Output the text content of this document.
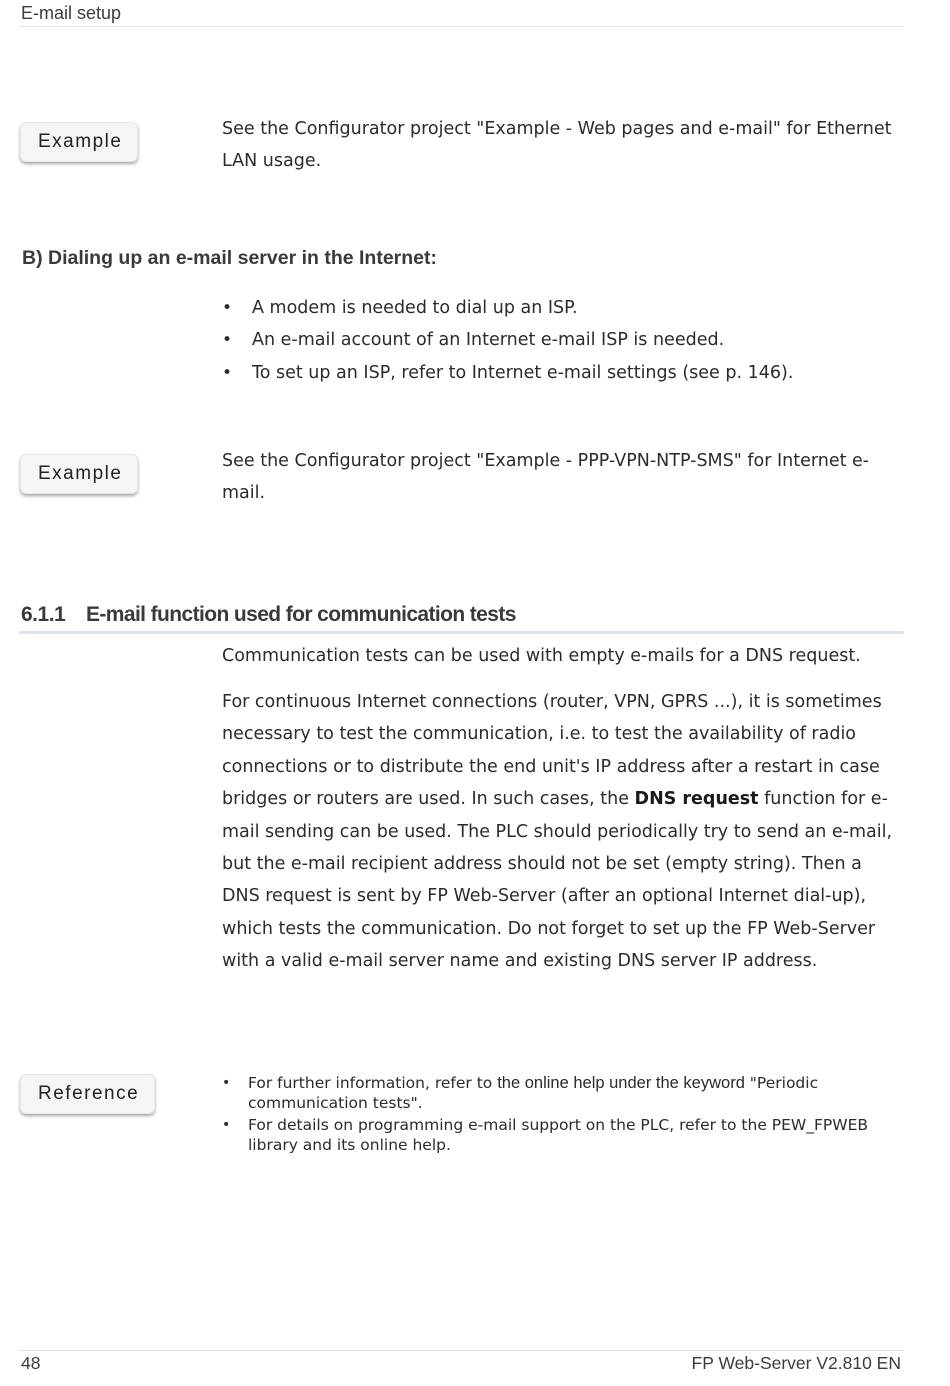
E-mail setup
Example

See the Configurator project "Example - Web pages and e-mail" for Ethernet LAN usage.

B) Dialing up an e-mail server in the Internet:
• A modem is needed to dial up an ISP.
• An e-mail account of an Internet e-mail ISP is needed.
• To set up an ISP, refer to Internet e-mail settings (see p. 146).
Example

See the Configurator project "Example - PPP-VPN-NTP-SMS" for Internet e-mail.

6.1.1 E-mail function used for communication tests

Communication tests can be used with empty e-mails for a DNS request.

For continuous Internet connections (router, VPN, GPRS ...), it is sometimes necessary to test the communication, i.e. to test the availability of radio connections or to distribute the end unit's IP address after a restart in case bridges or routers are used. In such cases, the DNS request function for e-mail sending can be used. The PLC should periodically try to send an e-mail, but the e-mail recipient address should not be set (empty string). Then a DNS request is sent by FP Web-Server (after an optional Internet dial-up), which tests the communication. Do not forget to set up the FP Web-Server with a valid e-mail server name and existing DNS server IP address.

Reference	• For further information, refer to the online help under the keyword "Periodic communication tests".
• For details on programming e-mail support on the PLC, refer to the PEW_FPWEB library and its online help.
48	FP Web-Server V2.810 EN
